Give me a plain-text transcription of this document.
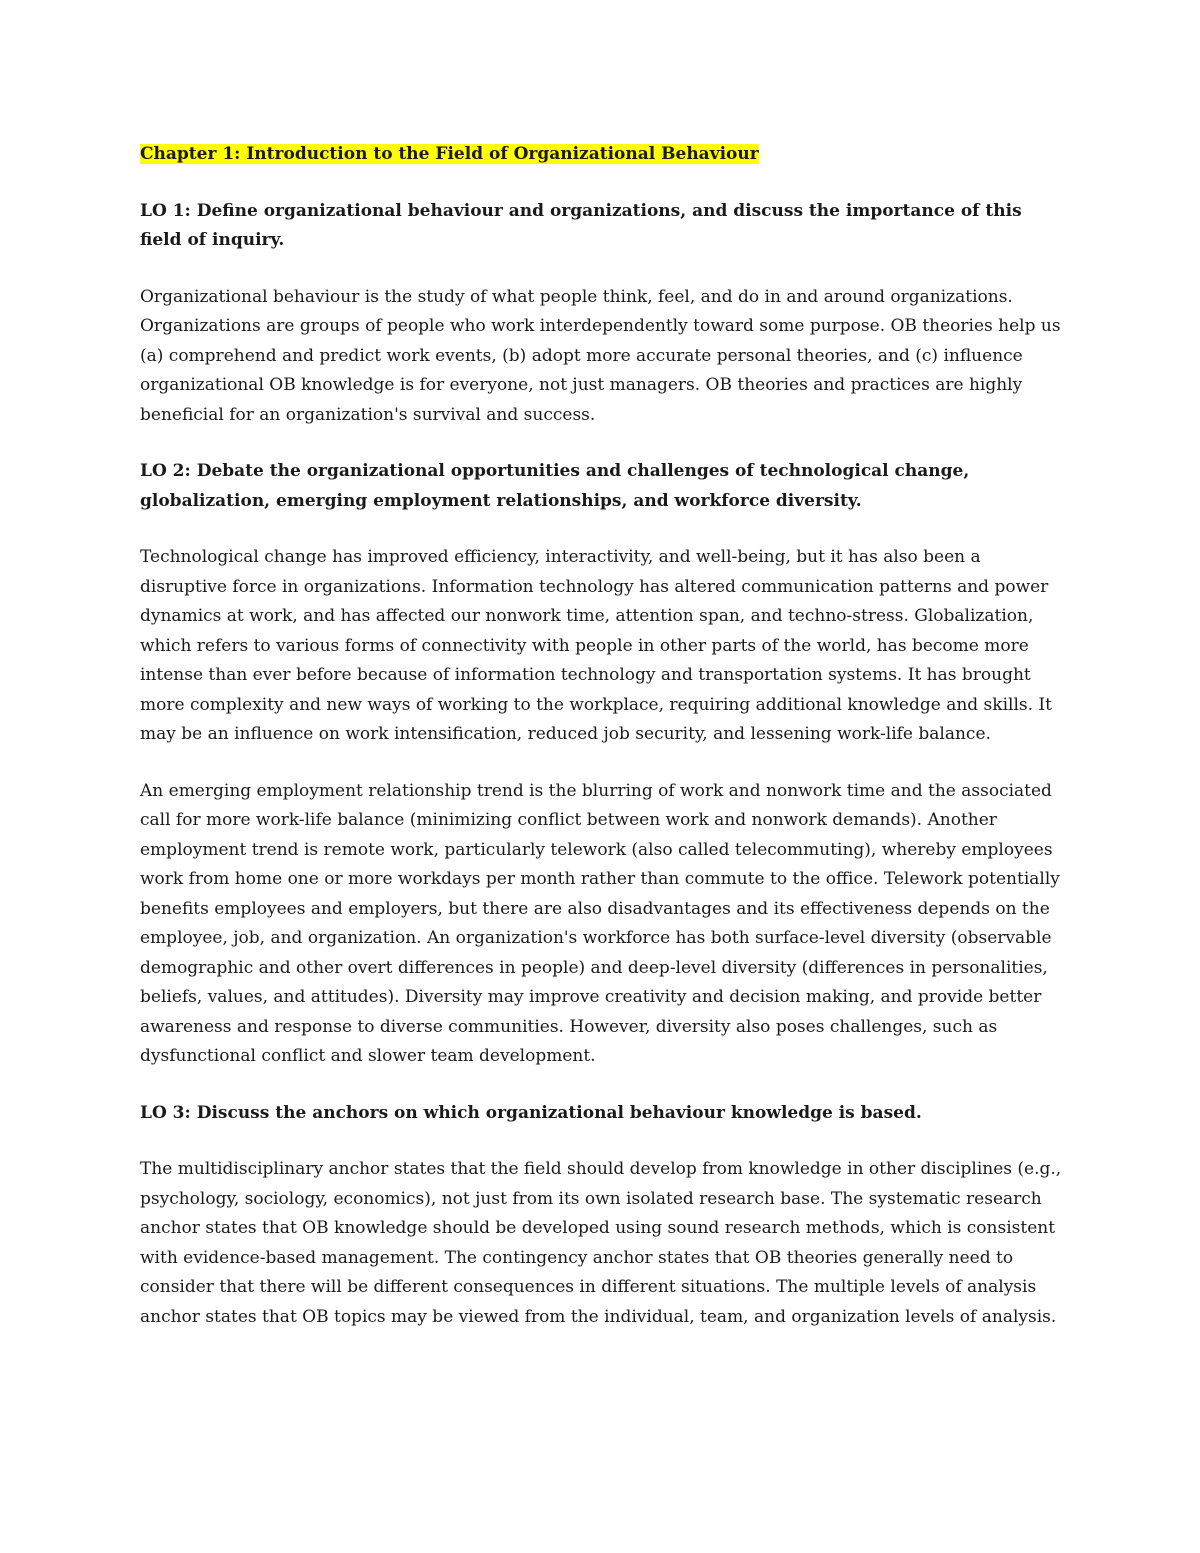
Chapter 1: Introduction to the Field of Organizational Behaviour

LO 1: Define organizational behaviour and organizations, and discuss the importance of this field of inquiry.

Organizational behaviour is the study of what people think, feel, and do in and around organizations. Organizations are groups of people who work interdependently toward some purpose. OB theories help us (a) comprehend and predict work events, (b) adopt more accurate personal theories, and (c) influence organizational OB knowledge is for everyone, not just managers. OB theories and practices are highly beneficial for an organization's survival and success.

LO 2: Debate the organizational opportunities and challenges of technological change, globalization, emerging employment relationships, and workforce diversity.

Technological change has improved efficiency, interactivity, and well-being, but it has also been a disruptive force in organizations. Information technology has altered communication patterns and power dynamics at work, and has affected our nonwork time, attention span, and techno-stress. Globalization, which refers to various forms of connectivity with people in other parts of the world, has become more intense than ever before because of information technology and transportation systems. It has brought more complexity and new ways of working to the workplace, requiring additional knowledge and skills. It may be an influence on work intensification, reduced job security, and lessening work-life balance.

An emerging employment relationship trend is the blurring of work and nonwork time and the associated call for more work-life balance (minimizing conflict between work and nonwork demands). Another employment trend is remote work, particularly telework (also called telecommuting), whereby employees work from home one or more workdays per month rather than commute to the office. Telework potentially benefits employees and employers, but there are also disadvantages and its effectiveness depends on the employee, job, and organization. An organization's workforce has both surface-level diversity (observable demographic and other overt differences in people) and deep-level diversity (differences in personalities, beliefs, values, and attitudes). Diversity may improve creativity and decision making, and provide better awareness and response to diverse communities. However, diversity also poses challenges, such as dysfunctional conflict and slower team development.

LO 3: Discuss the anchors on which organizational behaviour knowledge is based.

The multidisciplinary anchor states that the field should develop from knowledge in other disciplines (e.g., psychology, sociology, economics), not just from its own isolated research base. The systematic research anchor states that OB knowledge should be developed using sound research methods, which is consistent with evidence-based management. The contingency anchor states that OB theories generally need to consider that there will be different consequences in different situations. The multiple levels of analysis anchor states that OB topics may be viewed from the individual, team, and organization levels of analysis.
